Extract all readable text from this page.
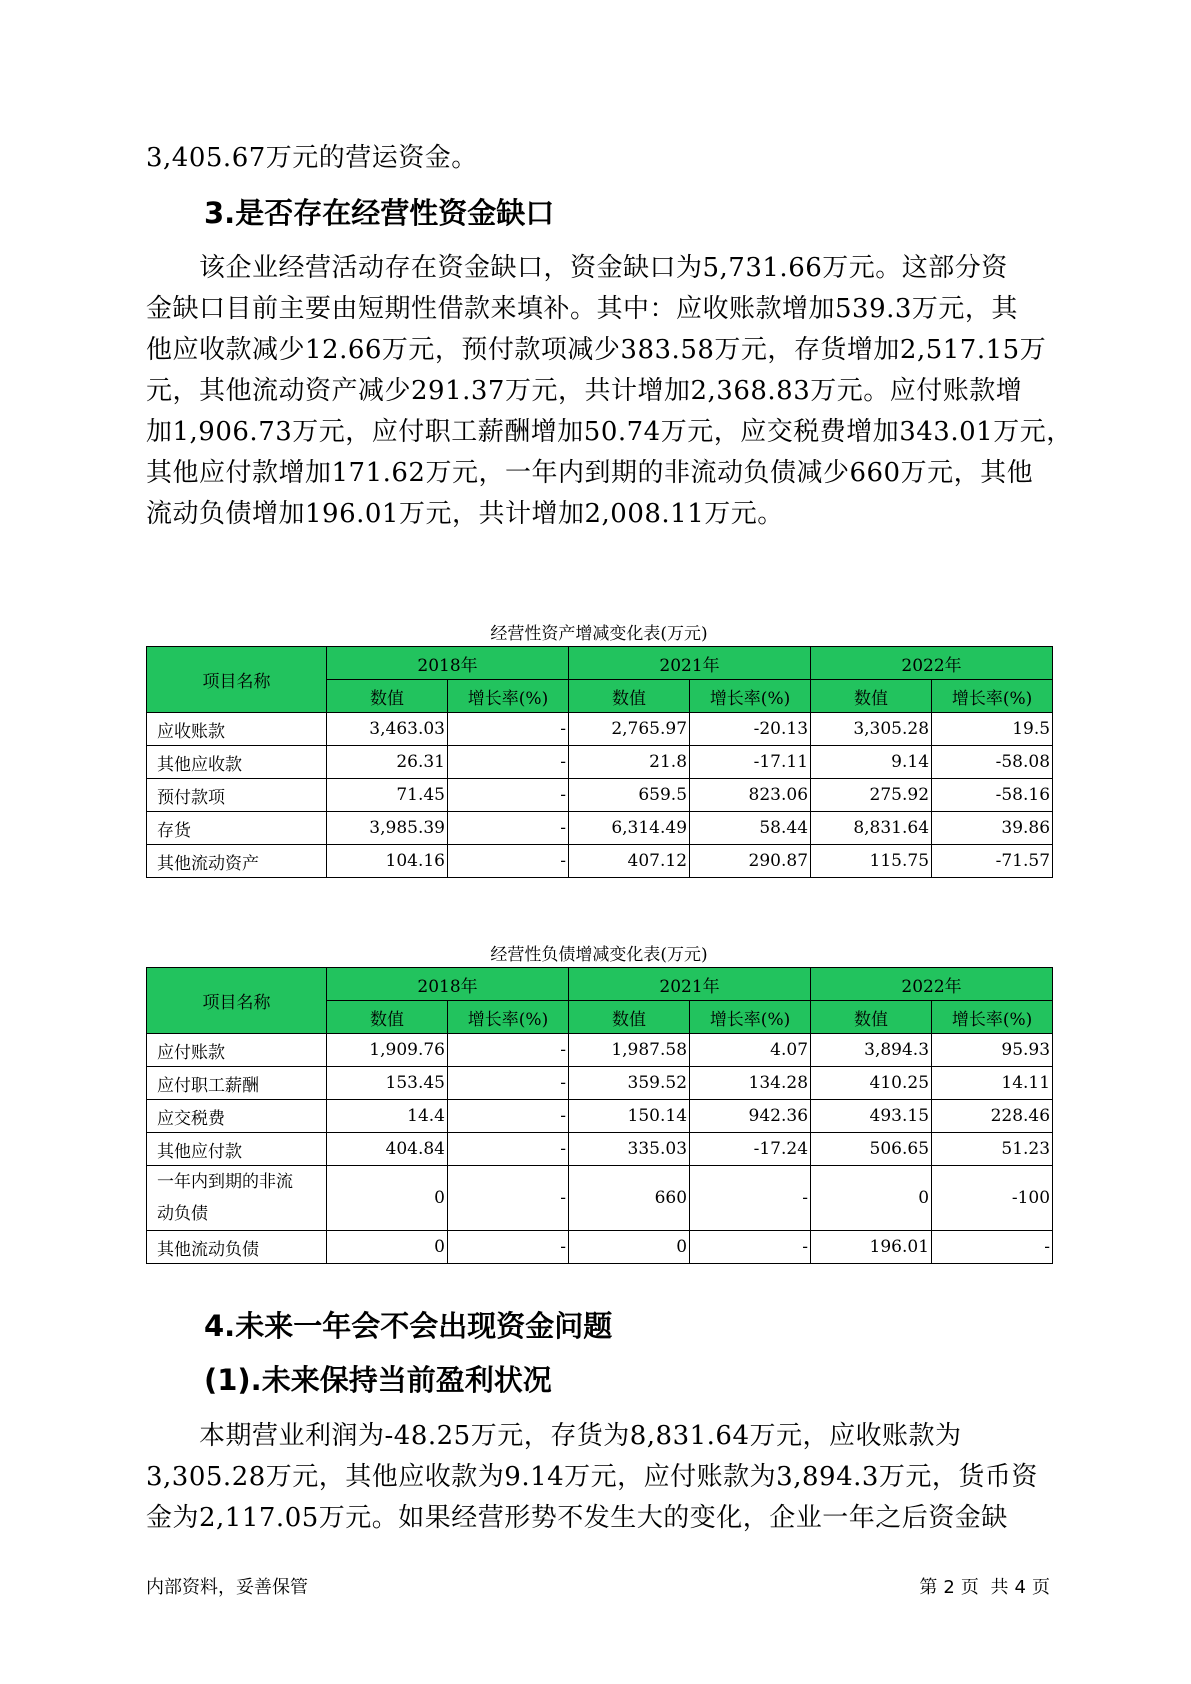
3,405.67万元的营运资金。
3.是否存在经营性资金缺口
　　该企业经营活动存在资金缺口，资金缺口为5,731.66万元。这部分资
金缺口目前主要由短期性借款来填补。其中：应收账款增加539.3万元，其
他应收款减少12.66万元，预付款项减少383.58万元，存货增加2,517.15万
元，其他流动资产减少291.37万元，共计增加2,368.83万元。应付账款增
加1,906.73万元，应付职工薪酬增加50.74万元，应交税费增加343.01万元，
其他应付款增加171.62万元，一年内到期的非流动负债减少660万元，其他
流动负债增加196.01万元，共计增加2,008.11万元。
经营性资产增减变化表(万元)
项目名称	2018年		2021年		2022年	
	数值	增长率(%)	数值	增长率(%)	数值	增长率(%)
应收账款	3,463.03	-	2,765.97	-20.13	3,305.28	19.5
其他应收款	26.31	-	21.8	-17.11	9.14	-58.08
预付款项	71.45	-	659.5	823.06	275.92	-58.16
存货	3,985.39	-	6,314.49	58.44	8,831.64	39.86
其他流动资产	104.16	-	407.12	290.87	115.75	-71.57
经营性负债增减变化表(万元)
项目名称	2018年		2021年		2022年	
	数值	增长率(%)	数值	增长率(%)	数值	增长率(%)
应付账款	1,909.76	-	1,987.58	4.07	3,894.3	95.93
应付职工薪酬	153.45	-	359.52	134.28	410.25	14.11
应交税费	14.4	-	150.14	942.36	493.15	228.46
其他应付款	404.84	-	335.03	-17.24	506.65	51.23

一年内到期的非流
动负债	0	-	660	-	0	-100
其他流动负债	0	-	0	-	196.01	-
4.未来一年会不会出现资金问题
(1).未来保持当前盈利状况
　　本期营业利润为-48.25万元，存货为8,831.64万元，应收账款为
3,305.28万元，其他应收款为9.14万元，应付账款为3,894.3万元，货币资
金为2,117.05万元。如果经营形势不发生大的变化，企业一年之后资金缺
内部资料，妥善保管	第 2 页 共 4 页
